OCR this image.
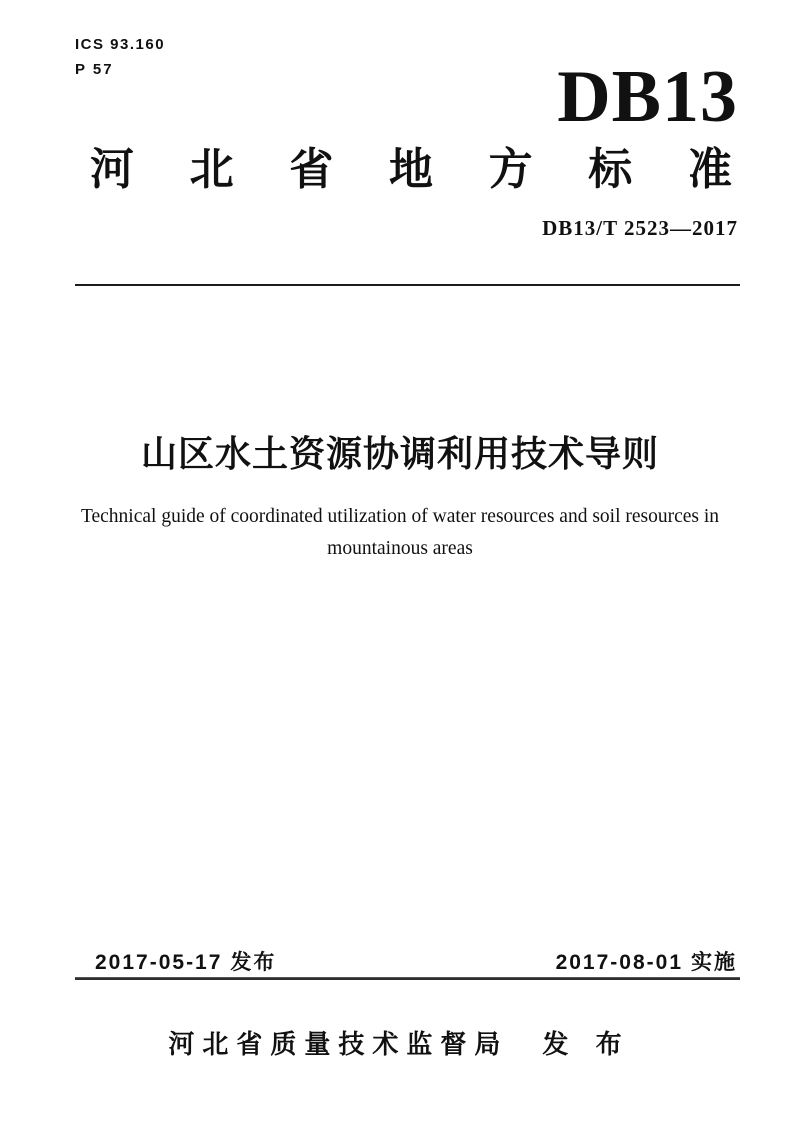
ICS 93.160
P 57	DB13
河 北 省 地 方 标 准
DB13/T 2523—2017
山区水土资源协调利用技术导则
Technical guide of coordinated utilization of water resources and soil resources in
mountainous areas
2017-05-17 发布	2017-08-01 实施
河北省质量技术监督局 发 布
